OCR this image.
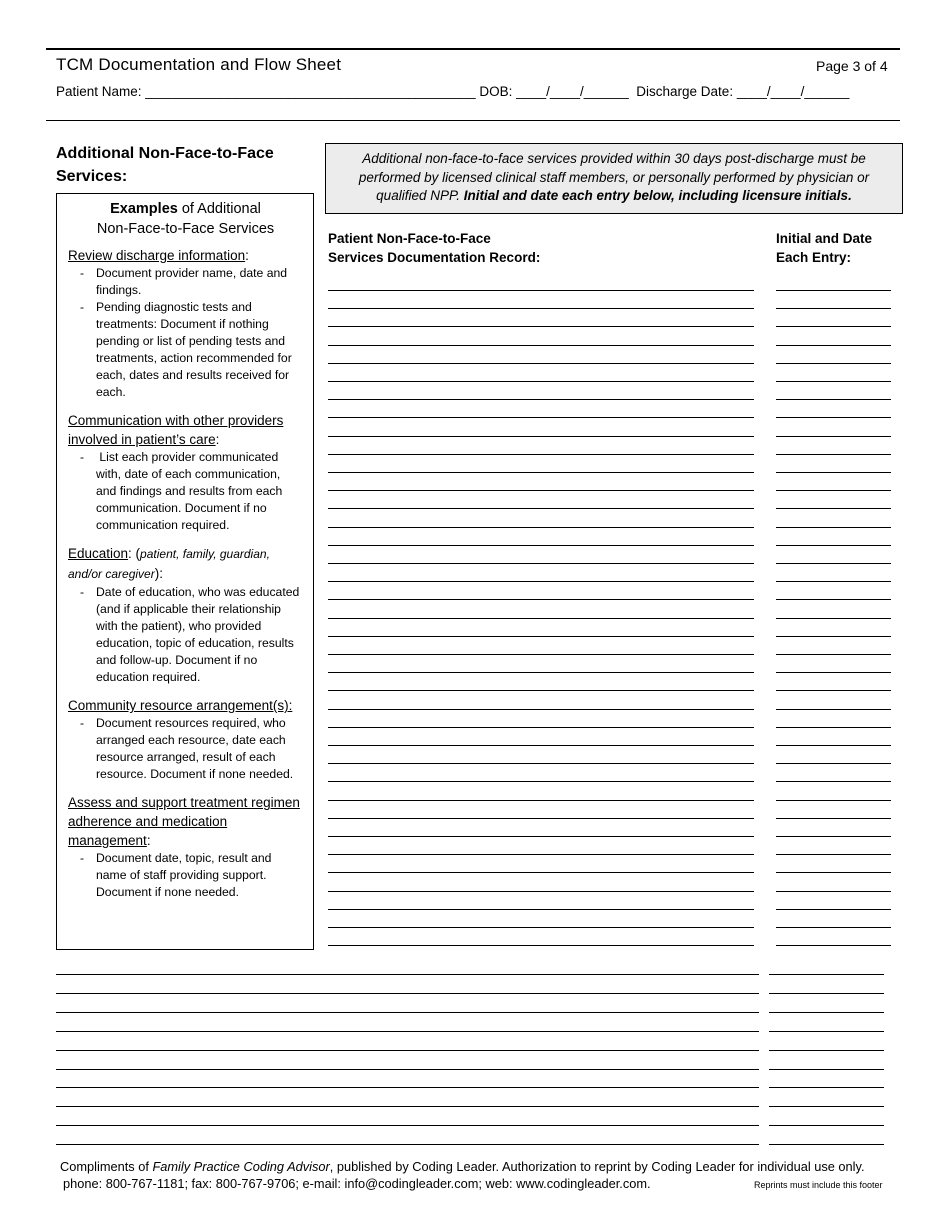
TCM Documentation and Flow Sheet	Page 3 of 4
Patient Name: ____________________________________________ DOB: ____/____/______  Discharge Date: ____/____/______
Additional Non-Face-to-Face
Services:
Additional non-face-to-face services provided within 30 days post-discharge must be performed by licensed clinical staff members, or personally performed by physician or qualified NPP. Initial and date each entry below, including licensure initials.
Examples of Additional
Non-Face-to-Face Services
Review discharge information:
- Document provider name, date and findings.
- Pending diagnostic tests and treatments: Document if nothing pending or list of pending tests and treatments, action recommended for each, dates and results received for each.
Communication with other providers involved in patient’s care:
-  List each provider communicated with, date of each communication, and findings and results from each communication. Document if no communication required.
Education: (patient, family, guardian, and/or caregiver):
- Date of education, who was educated (and if applicable their relationship with the patient), who provided education, topic of education, results and follow-up. Document if no education required.
Community resource arrangement(s):
- Document resources required, who arranged each resource, date each resource arranged, result of each resource. Document if none needed.
Assess and support treatment regimen adherence and medication management:
- Document date, topic, result and name of staff providing support. Document if none needed.
Patient Non-Face-to-Face
Services Documentation Record:
Initial and Date
Each Entry:
Compliments of Family Practice Coding Advisor, published by Coding Leader. Authorization to reprint by Coding Leader for individual use only.
phone: 800-767-1181; fax: 800-767-9706; e-mail: info@codingleader.com; web: www.codingleader.com.	Reprints must include this footer
